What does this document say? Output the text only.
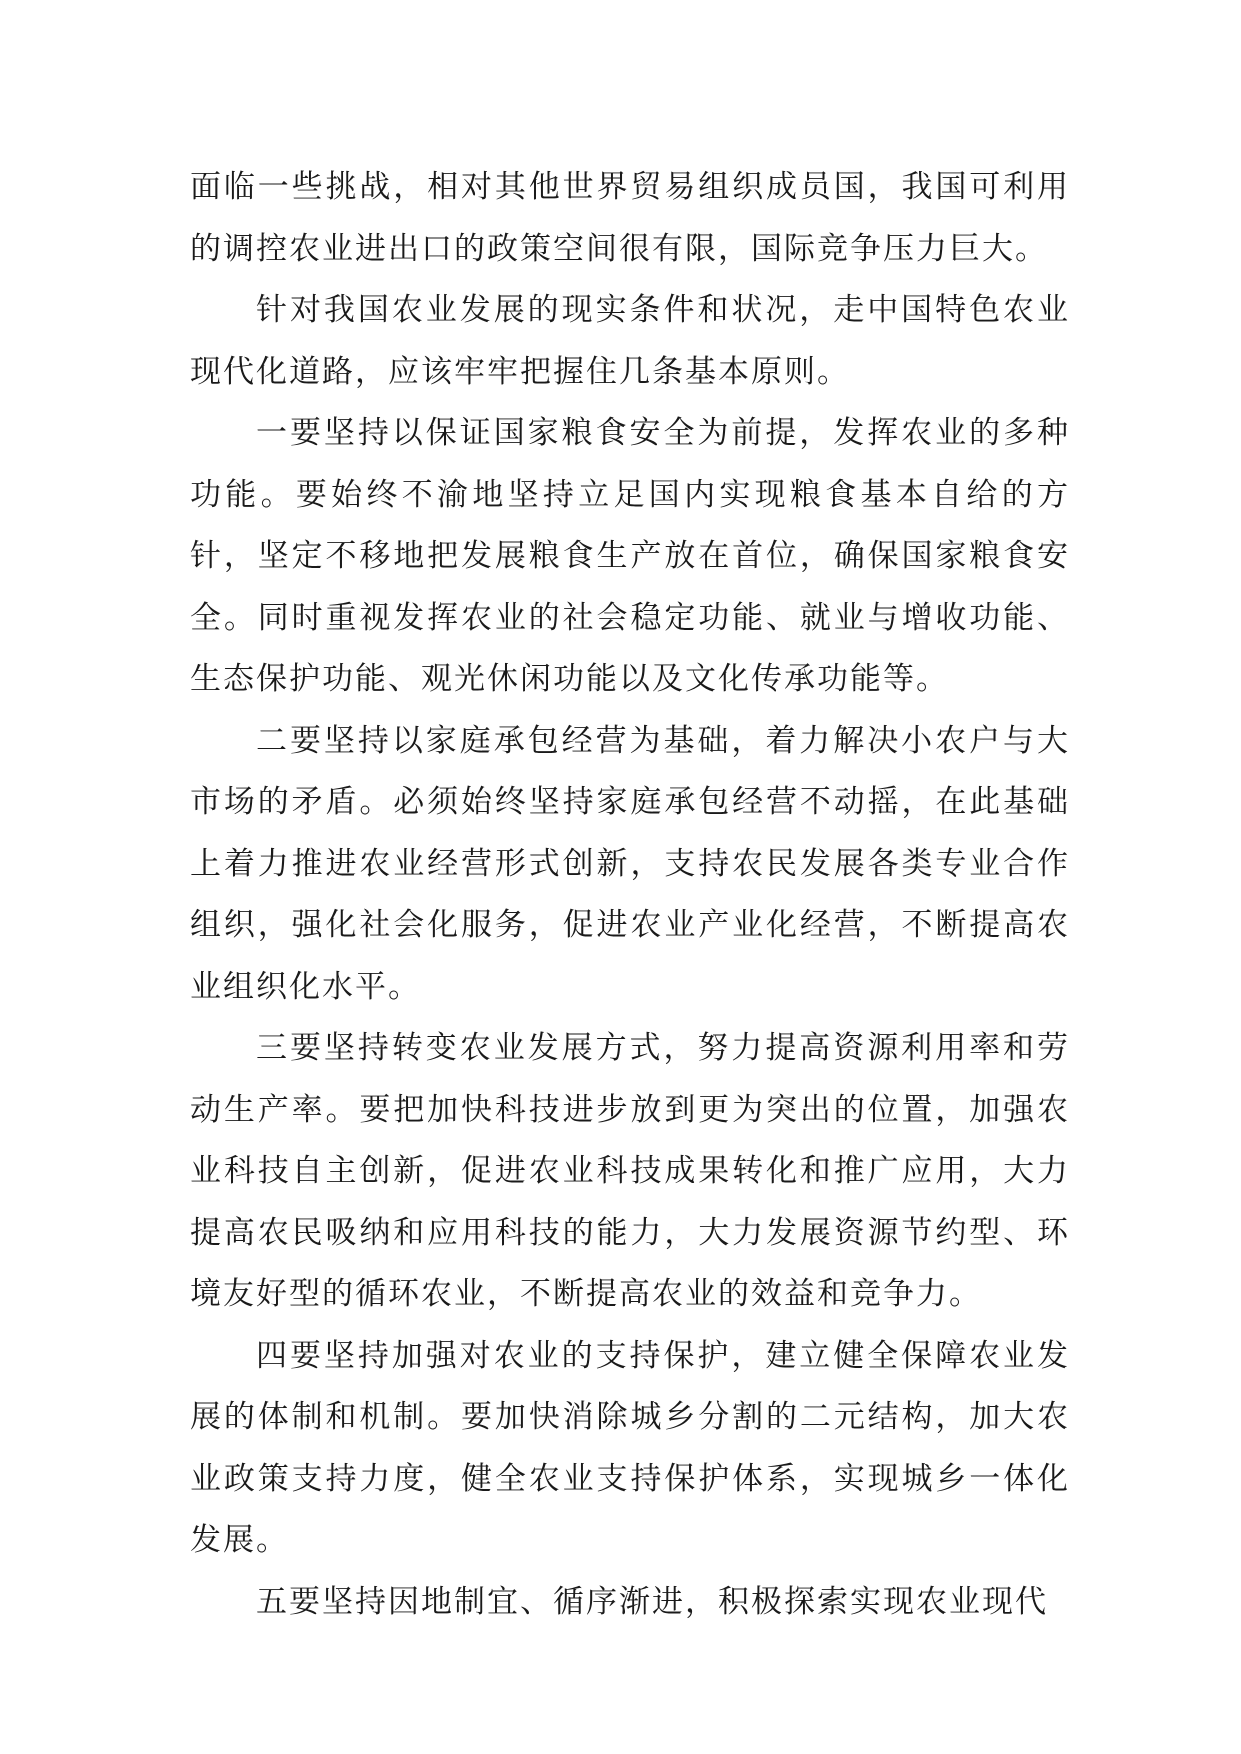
面临一些挑战，相对其他世界贸易组织成员国，我国可利用的调控农业进出口的政策空间很有限，国际竞争压力巨大。

针对我国农业发展的现实条件和状况，走中国特色农业现代化道路，应该牢牢把握住几条基本原则。

一要坚持以保证国家粮食安全为前提，发挥农业的多种功能。要始终不渝地坚持立足国内实现粮食基本自给的方针，坚定不移地把发展粮食生产放在首位，确保国家粮食安全。同时重视发挥农业的社会稳定功能、就业与增收功能、生态保护功能、观光休闲功能以及文化传承功能等。

二要坚持以家庭承包经营为基础，着力解决小农户与大市场的矛盾。必须始终坚持家庭承包经营不动摇，在此基础上着力推进农业经营形式创新，支持农民发展各类专业合作组织，强化社会化服务，促进农业产业化经营，不断提高农业组织化水平。

三要坚持转变农业发展方式，努力提高资源利用率和劳动生产率。要把加快科技进步放到更为突出的位置，加强农业科技自主创新，促进农业科技成果转化和推广应用，大力提高农民吸纳和应用科技的能力，大力发展资源节约型、环境友好型的循环农业，不断提高农业的效益和竞争力。

四要坚持加强对农业的支持保护，建立健全保障农业发展的体制和机制。要加快消除城乡分割的二元结构，加大农业政策支持力度，健全农业支持保护体系，实现城乡一体化发展。

五要坚持因地制宜、循序渐进，积极探索实现农业现代
